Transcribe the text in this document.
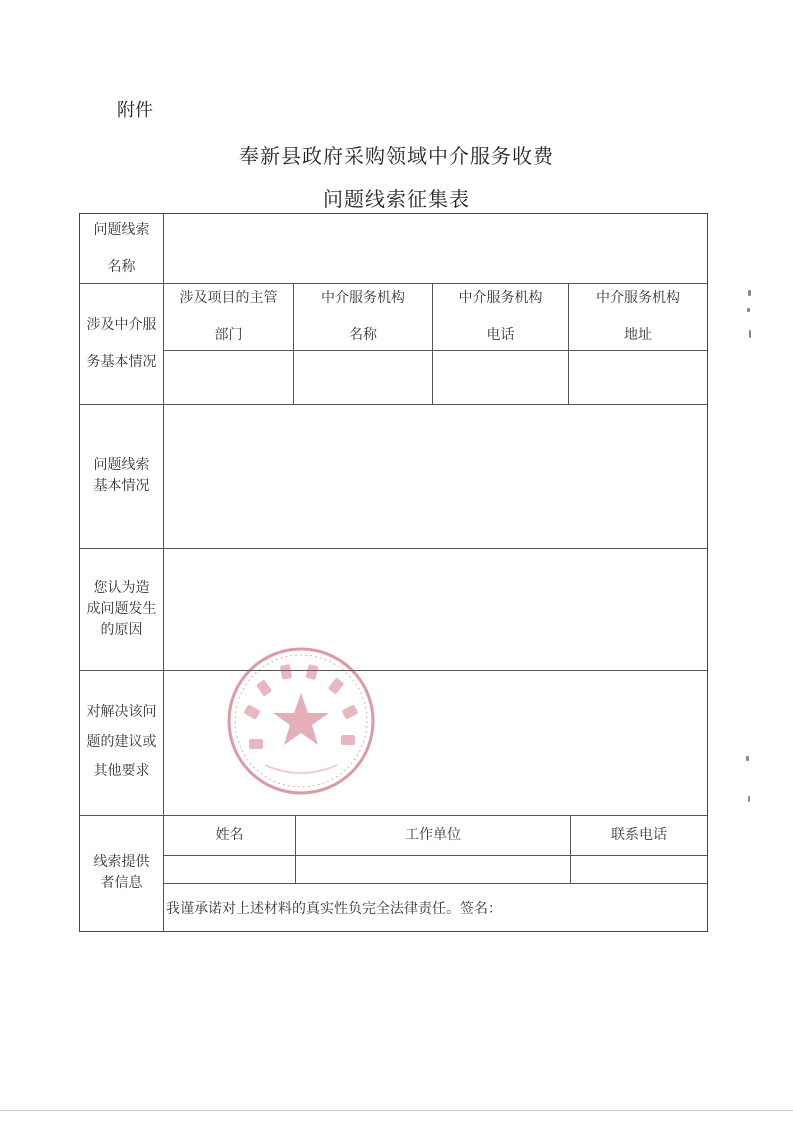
附件
奉新县政府采购领域中介服务收费
问题线索征集表
问题线索
名称
涉及中介服
务基本情况
涉及项目的主管
部门
中介服务机构
名称
中介服务机构
电话
中介服务机构
地址
问题线索
基本情况
您认为造
成问题发生
的原因
对解决该问
题的建议或
其他要求
线索提供
者信息
姓名	工作单位	联系电话
我谨承诺对上述材料的真实性负完全法律责任。签名：
